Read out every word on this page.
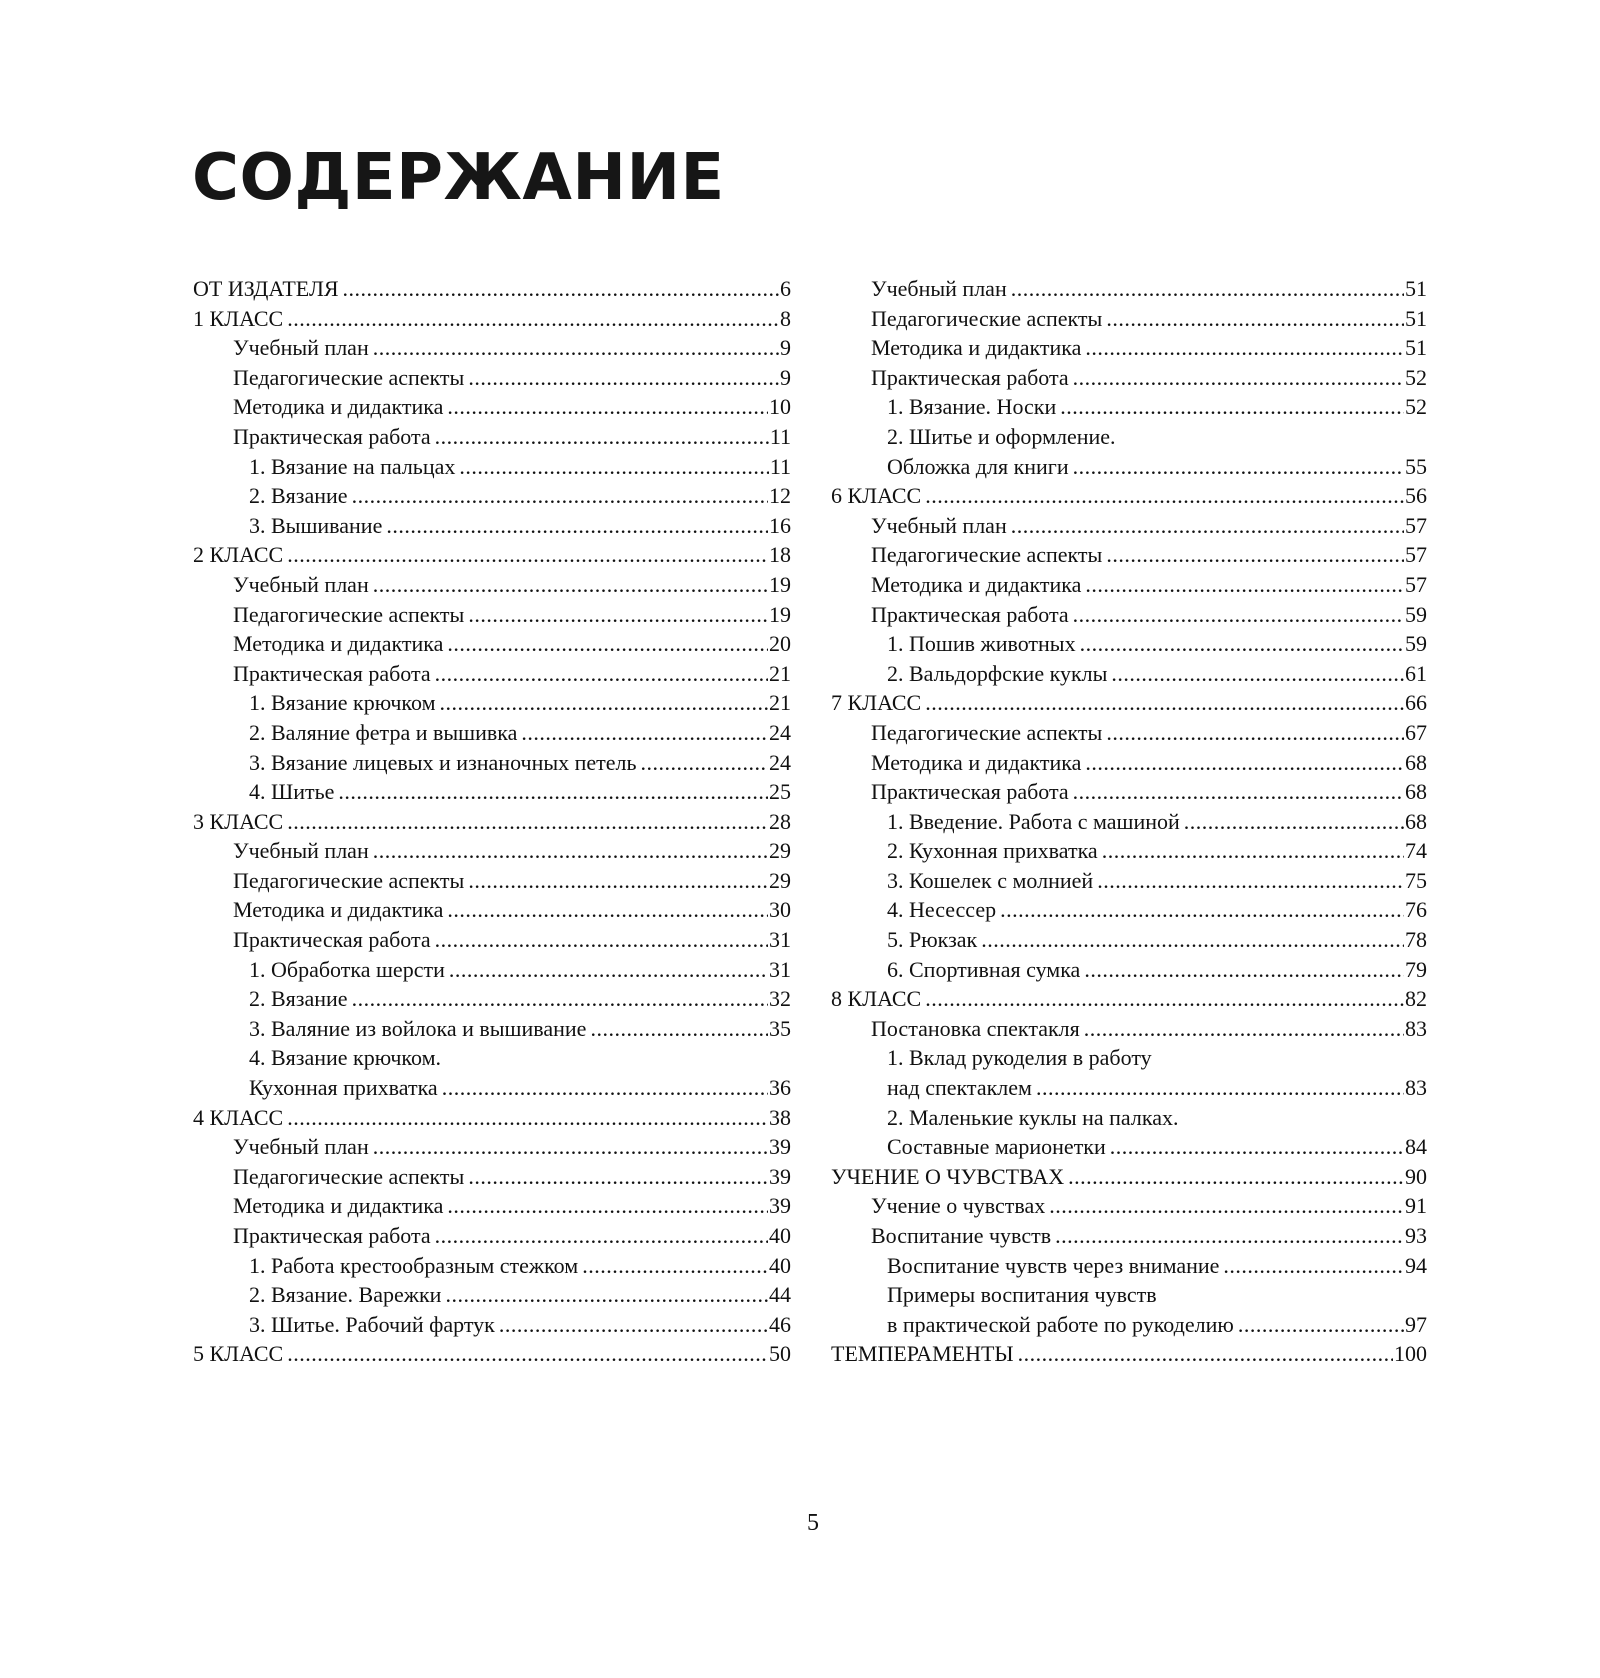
СОДЕРЖАНИЕ
ОТ ИЗДАТЕЛЯ .....	6
1 КЛАСС .....	8
Учебный план .....	9
Педагогические аспекты .....	9
Методика и дидактика .....	10
Практическая работа .....	11
1. Вязание на пальцах .....	11
2. Вязание .....	12
3. Вышивание .....	16
2 КЛАСС .....	18
Учебный план .....	19
Педагогические аспекты .....	19
Методика и дидактика .....	20
Практическая работа .....	21
1. Вязание крючком .....	21
2. Валяние фетра и вышивка .....	24
3. Вязание лицевых и изнаночных петель .....	24
4. Шитье .....	25
3 КЛАСС .....	28
Учебный план .....	29
Педагогические аспекты .....	29
Методика и дидактика .....	30
Практическая работа .....	31
1. Обработка шерсти .....	31
2. Вязание .....	32
3. Валяние из войлока и вышивание .....	35
4. Вязание крючком.
Кухонная прихватка .....	36
4 КЛАСС .....	38
Учебный план .....	39
Педагогические аспекты .....	39
Методика и дидактика .....	39
Практическая работа .....	40
1. Работа крестообразным стежком .....	40
2. Вязание. Варежки .....	44
3. Шитье. Рабочий фартук .....	46
5 КЛАСС .....	50
Учебный план .....	51
Педагогические аспекты .....	51
Методика и дидактика .....	51
Практическая работа .....	52
1. Вязание. Носки .....	52
2. Шитье и оформление.
Обложка для книги .....	55
6 КЛАСС .....	56
Учебный план .....	57
Педагогические аспекты .....	57
Методика и дидактика .....	57
Практическая работа .....	59
1. Пошив животных .....	59
2. Вальдорфские куклы .....	61
7 КЛАСС .....	66
Педагогические аспекты .....	67
Методика и дидактика .....	68
Практическая работа .....	68
1. Введение. Работа с машиной .....	68
2. Кухонная прихватка .....	74
3. Кошелек с молнией .....	75
4. Несессер .....	76
5. Рюкзак .....	78
6. Спортивная сумка .....	79
8 КЛАСС .....	82
Постановка спектакля .....	83
1. Вклад рукоделия в работу
над спектаклем .....	83
2. Маленькие куклы на палках.
Составные марионетки .....	84
УЧЕНИЕ О ЧУВСТВАХ .....	90
Учение о чувствах .....	91
Воспитание чувств .....	93
Воспитание чувств через внимание .....	94
Примеры воспитания чувств
в практической работе по рукоделию .....	97
ТЕМПЕРАМЕНТЫ .....	100
5
